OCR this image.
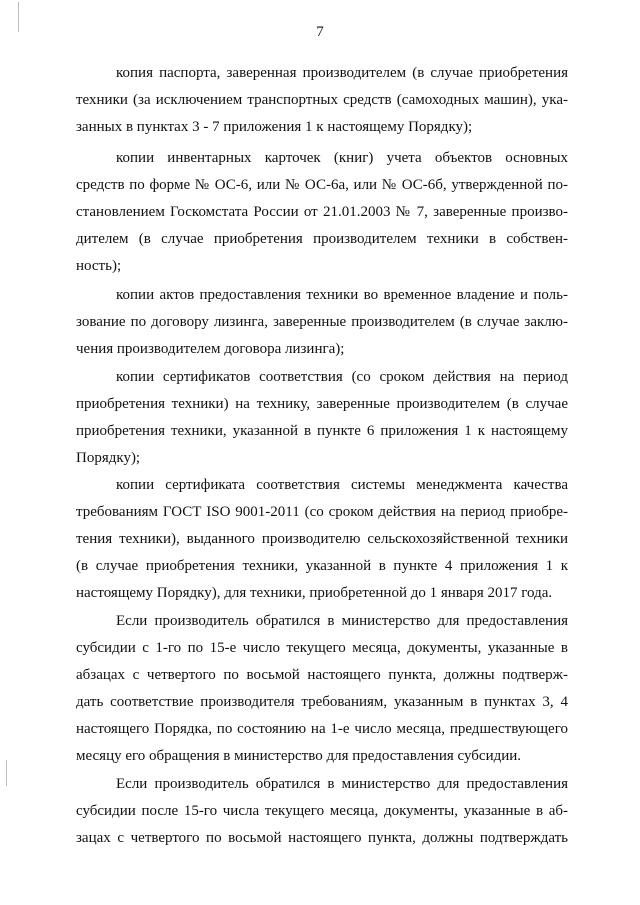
7
копия паспорта, заверенная производителем (в случае приобретения
техники (за исключением транспортных средств (самоходных машин), ука-
занных в пунктах 3 - 7 приложения 1 к настоящему Порядку);
копии инвентарных карточек (книг) учета объектов основных
средств по форме № ОС-6, или № ОС-6а, или № ОС-6б, утвержденной по-
становлением Госкомстата России от 21.01.2003 № 7, заверенные произво-
дителем (в случае приобретения производителем техники в собствен-
ность);
копии актов предоставления техники во временное владение и поль-
зование по договору лизинга, заверенные производителем (в случае заклю-
чения производителем договора лизинга);
копии сертификатов соответствия (со сроком действия на период
приобретения техники) на технику, заверенные производителем (в случае
приобретения техники, указанной в пункте 6 приложения 1 к настоящему
Порядку);
копии сертификата соответствия системы менеджмента качества
требованиям ГОСТ ISO 9001-2011 (со сроком действия на период приобре-
тения техники), выданного производителю сельскохозяйственной техники
(в случае приобретения техники, указанной в пункте 4 приложения 1 к
настоящему Порядку), для техники, приобретенной до 1 января 2017 года.
Если производитель обратился в министерство для предоставления
субсидии с 1-го по 15-е число текущего месяца, документы, указанные в
абзацах с четвертого по восьмой настоящего пункта, должны подтверж-
дать соответствие производителя требованиям, указанным в пунктах 3, 4
настоящего Порядка, по состоянию на 1-е число месяца, предшествующего
месяцу его обращения в министерство для предоставления субсидии.
Если производитель обратился в министерство для предоставления
субсидии после 15-го числа текущего месяца, документы, указанные в аб-
зацах с четвертого по восьмой настоящего пункта, должны подтверждать
